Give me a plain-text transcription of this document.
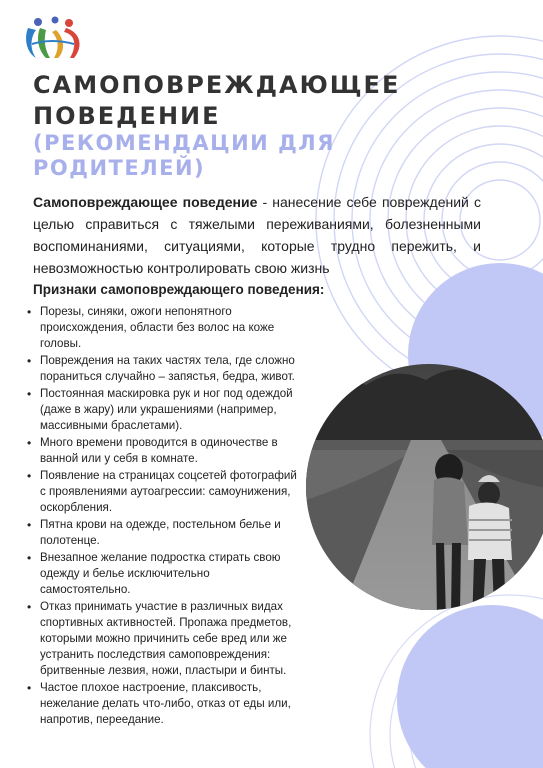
САМОПОВРЕЖДАЮЩЕЕ ПОВЕДЕНИЕ
(РЕКОМЕНДАЦИИ ДЛЯ РОДИТЕЛЕЙ)

Самоповреждающее поведение - нанесение себе повреждений с целью справиться с тяжелыми переживаниями, болезненными воспоминаниями, ситуациями, которые трудно пережить, и невозможностью контролировать свою жизнь

Признаки самоповреждающего поведения:
• Порезы, синяки, ожоги непонятного происхождения, области без волос на коже головы.
• Повреждения на таких частях тела, где сложно пораниться случайно – запястья, бедра, живот.
• Постоянная маскировка рук и ног под одеждой (даже в жару) или украшениями (например, массивными браслетами).
• Много времени проводится в одиночестве в ванной или у себя в комнате.
• Появление на страницах соцсетей фотографий с проявлениями аутоагрессии: самоунижения, оскорбления.
• Пятна крови на одежде, постельном белье и полотенце.
• Внезапное желание подростка стирать свою одежду и белье исключительно самостоятельно.
• Отказ принимать участие в различных видах спортивных активностей. Пропажа предметов, которыми можно причинить себе вред или же устранить последствия самоповреждения: бритвенные лезвия, ножи, пластыри и бинты.
• Частое плохое настроение, плаксивость, нежелание делать что-либо, отказ от еды или, напротив, переедание.
